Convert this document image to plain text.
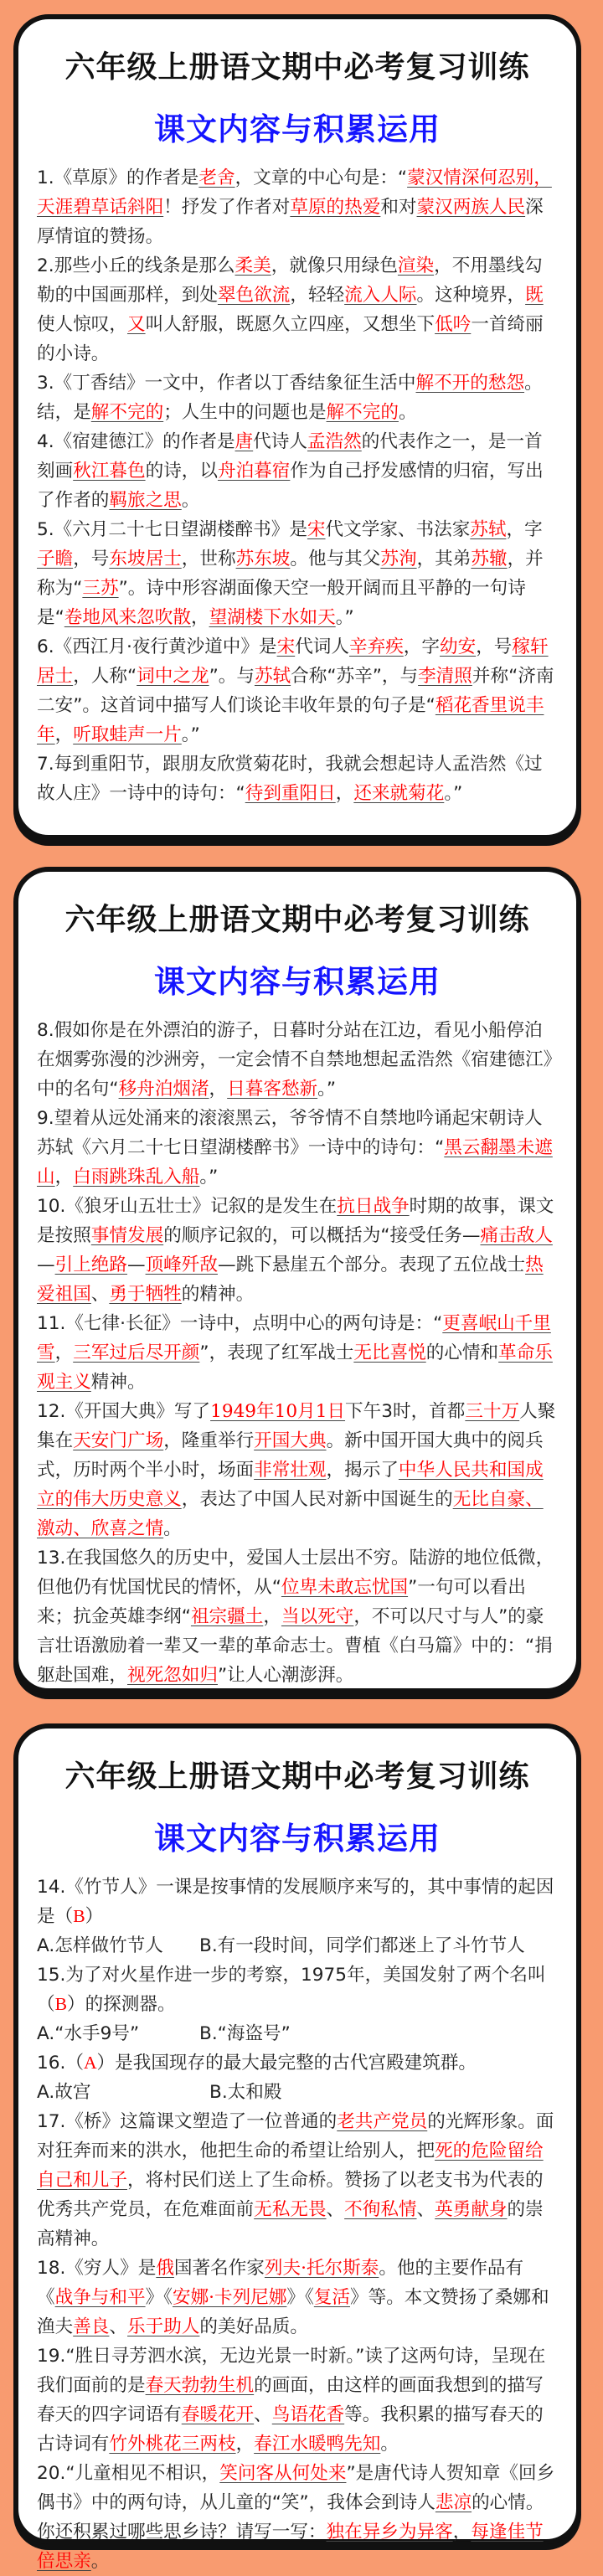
六年级上册语文期中必考复习训练
课文内容与积累运用
1.《草原》的作者是老舍，文章的中心句是：“蒙汉情深何忍别，天涯碧草话斜阳！抒发了作者对草原的热爱和对蒙汉两族人民深厚情谊的赞扬。
2.那些小丘的线条是那么柔美，就像只用绿色渲染，不用墨线勾勒的中国画那样，到处翠色欲流，轻轻流入人际。这种境界，既使人惊叹，又叫人舒服，既愿久立四座，又想坐下低吟一首绮丽的小诗。
3.《丁香结》一文中，作者以丁香结象征生活中解不开的愁怨。结，是解不完的；人生中的问题也是解不完的。
4.《宿建德江》的作者是唐代诗人孟浩然的代表作之一，是一首刻画秋江暮色的诗，以舟泊暮宿作为自己抒发感情的归宿，写出了作者的羁旅之思。
5.《六月二十七日望湖楼醉书》是宋代文学家、书法家苏轼，字子瞻，号东坡居士，世称苏东坡。他与其父苏洵，其弟苏辙，并称为“三苏”。诗中形容湖面像天空一般开阔而且平静的一句诗是“卷地风来忽吹散，望湖楼下水如天。”
6.《西江月·夜行黄沙道中》是宋代词人辛弃疾，字幼安，号稼轩居士，人称“词中之龙”。与苏轼合称“苏辛”，与李清照并称“济南二安”。这首词中描写人们谈论丰收年景的句子是“稻花香里说丰年，听取蛙声一片。”
7.每到重阳节，跟朋友欣赏菊花时，我就会想起诗人孟浩然《过故人庄》一诗中的诗句：“待到重阳日，还来就菊花。”
六年级上册语文期中必考复习训练
课文内容与积累运用
8.假如你是在外漂泊的游子，日暮时分站在江边，看见小船停泊在烟雾弥漫的沙洲旁，一定会情不自禁地想起孟浩然《宿建德江》中的名句“移舟泊烟渚，日暮客愁新。”
9.望着从远处涌来的滚滚黑云，爷爷情不自禁地吟诵起宋朝诗人苏轼《六月二十七日望湖楼醉书》一诗中的诗句：“黑云翻墨未遮山，白雨跳珠乱入船。”
10.《狼牙山五壮士》记叙的是发生在抗日战争时期的故事，课文是按照事情发展的顺序记叙的，可以概括为“接受任务—痛击敌人—引上绝路—顶峰歼敌—跳下悬崖五个部分。表现了五位战士热爱祖国、勇于牺牲的精神。
11.《七律·长征》一诗中，点明中心的两句诗是：“更喜岷山千里雪，三军过后尽开颜”，表现了红军战士无比喜悦的心情和革命乐观主义精神。
12.《开国大典》写了1949年10月1日下午3时，首都三十万人聚集在天安门广场，隆重举行开国大典。新中国开国大典中的阅兵式，历时两个半小时，场面非常壮观，揭示了中华人民共和国成立的伟大历史意义，表达了中国人民对新中国诞生的无比自豪、激动、欣喜之情。
13.在我国悠久的历史中，爱国人士层出不穷。陆游的地位低微，但他仍有忧国忧民的情怀，从“位卑未敢忘忧国”一句可以看出来；抗金英雄李纲“祖宗疆土，当以死守，不可以尺寸与人”的豪言壮语激励着一辈又一辈的革命志士。曹植《白马篇》中的：“捐躯赴国难，视死忽如归”让人心潮澎湃。
六年级上册语文期中必考复习训练
课文内容与积累运用
14.《竹节人》一课是按事情的发展顺序来写的，其中事情的起因是（B）
A.怎样做竹节人 B.有一段时间，同学们都迷上了斗竹节人
15.为了对火星作进一步的考察，1975年，美国发射了两个名叫（B）的探测器。
A.“水手9号”	B.“海盗号”
16.（A）是我国现存的最大最完整的古代宫殿建筑群。
A.故宫	B.太和殿
17.《桥》这篇课文塑造了一位普通的老共产党员的光辉形象。面对狂奔而来的洪水，他把生命的希望让给别人，把死的危险留给自己和儿子，将村民们送上了生命桥。赞扬了以老支书为代表的优秀共产党员，在危难面前无私无畏、不徇私情、英勇献身的崇高精神。
18.《穷人》是俄国著名作家列夫·托尔斯泰。他的主要作品有《战争与和平》《安娜·卡列尼娜》《复活》等。本文赞扬了桑娜和渔夫善良、乐于助人的美好品质。
19.“胜日寻芳泗水滨，无边光景一时新。”读了这两句诗，呈现在我们面前的是春天勃勃生机的画面，由这样的画面我想到的描写春天的四字词语有春暖花开、鸟语花香等。我积累的描写春天的古诗词有竹外桃花三两枝，春江水暖鸭先知。
20.“儿童相见不相识，笑问客从何处来”是唐代诗人贺知章《回乡偶书》中的两句诗，从儿童的“笑”，我体会到诗人悲凉的心情。你还积累过哪些思乡诗？请写一写：独在异乡为异客，每逢佳节倍思亲。
